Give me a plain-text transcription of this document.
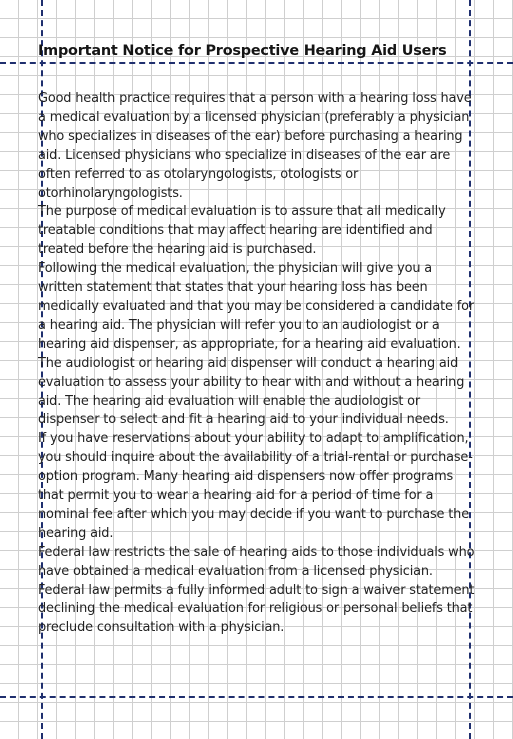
Important Notice for Prospective Hearing Aid Users

Good health practice requires that a person with a hearing loss have a medical evaluation by a licensed physician (preferably a physician who specializes in diseases of the ear) before purchasing a hearing aid. Licensed physicians who specialize in diseases of the ear are often referred to as otolaryngologists, otologists or otorhinolaryngologists.

The purpose of medical evaluation is to assure that all medically treatable conditions that may affect hearing are identified and treated before the hearing aid is purchased.

Following the medical evaluation, the physician will give you a written statement that states that your hearing loss has been medically evaluated and that you may be considered a candidate for a hearing aid. The physician will refer you to an audiologist or a hearing aid dispenser, as appropriate, for a hearing aid evaluation.

The audiologist or hearing aid dispenser will conduct a hearing aid evaluation to assess your ability to hear with and without a hearing aid. The hearing aid evaluation will enable the audiologist or dispenser to select and fit a hearing aid to your individual needs.

If you have reservations about your ability to adapt to amplification, you should inquire about the availability of a trial-rental or purchase-option program. Many hearing aid dispensers now offer programs that permit you to wear a hearing aid for a period of time for a nominal fee after which you may decide if you want to purchase the hearing aid.

Federal law restricts the sale of hearing aids to those individuals who have obtained a medical evaluation from a licensed physician. Federal law permits a fully informed adult to sign a waiver statement declining the medical evaluation for religious or personal beliefs that preclude consultation with a physician.
